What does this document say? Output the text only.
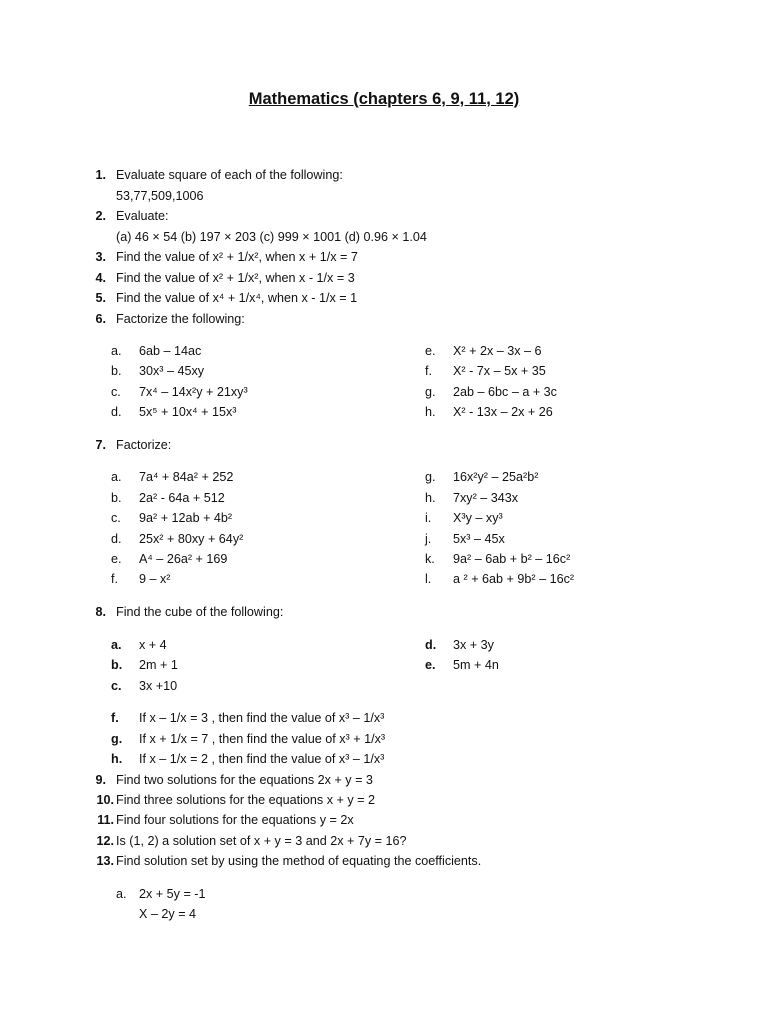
Mathematics (chapters 6, 9, 11, 12)
1. Evaluate square of each of the following:
53,77,509,1006
2. Evaluate:
(a) 46 × 54 (b) 197 × 203 (c) 999 × 1001 (d) 0.96 × 1.04
3. Find the value of x² + 1/x², when x + 1/x = 7
4. Find the value of x² + 1/x², when x - 1/x = 3
5. Find the value of x⁴ + 1/x⁴, when x - 1/x = 1
6. Factorize the following:
a. 6ab – 14ac
b. 30x³ – 45xy
c. 7x⁴ – 14x²y + 21xy³
d. 5x⁵ + 10x⁴ + 15x³
e. X² + 2x – 3x – 6
f. X² - 7x – 5x + 35
g. 2ab – 6bc – a + 3c
h. X² - 13x – 2x + 26
7. Factorize:
a. 7a⁴ + 84a² + 252
b. 2a² - 64a + 512
c. 9a² + 12ab + 4b²
d. 25x² + 80xy + 64y²
e. A⁴ – 26a² + 169
f. 9 – x²
g. 16x²y² – 25a²b²
h. 7xy² – 343x
i. X³y – xy³
j. 5x³ – 45x
k. 9a² – 6ab + b² – 16c²
l. a ² + 6ab + 9b² – 16c²
8. Find the cube of the following:
a. x + 4
b. 2m + 1
c. 3x +10
d. 3x + 3y
e. 5m + 4n
f. If x – 1/x = 3 , then find the value of x³ – 1/x³
g. If x + 1/x = 7 , then find the value of x³ + 1/x³
h. If x – 1/x = 2 , then find the value of x³ – 1/x³
9. Find two solutions for the equations 2x + y = 3
10. Find three solutions for the equations x + y = 2
11. Find four solutions for the equations y = 2x
12. Is (1, 2) a solution set of x + y = 3 and 2x + 7y = 16?
13. Find solution set by using the method of equating the coefficients.
a. 2x + 5y = -1
X – 2y = 4
